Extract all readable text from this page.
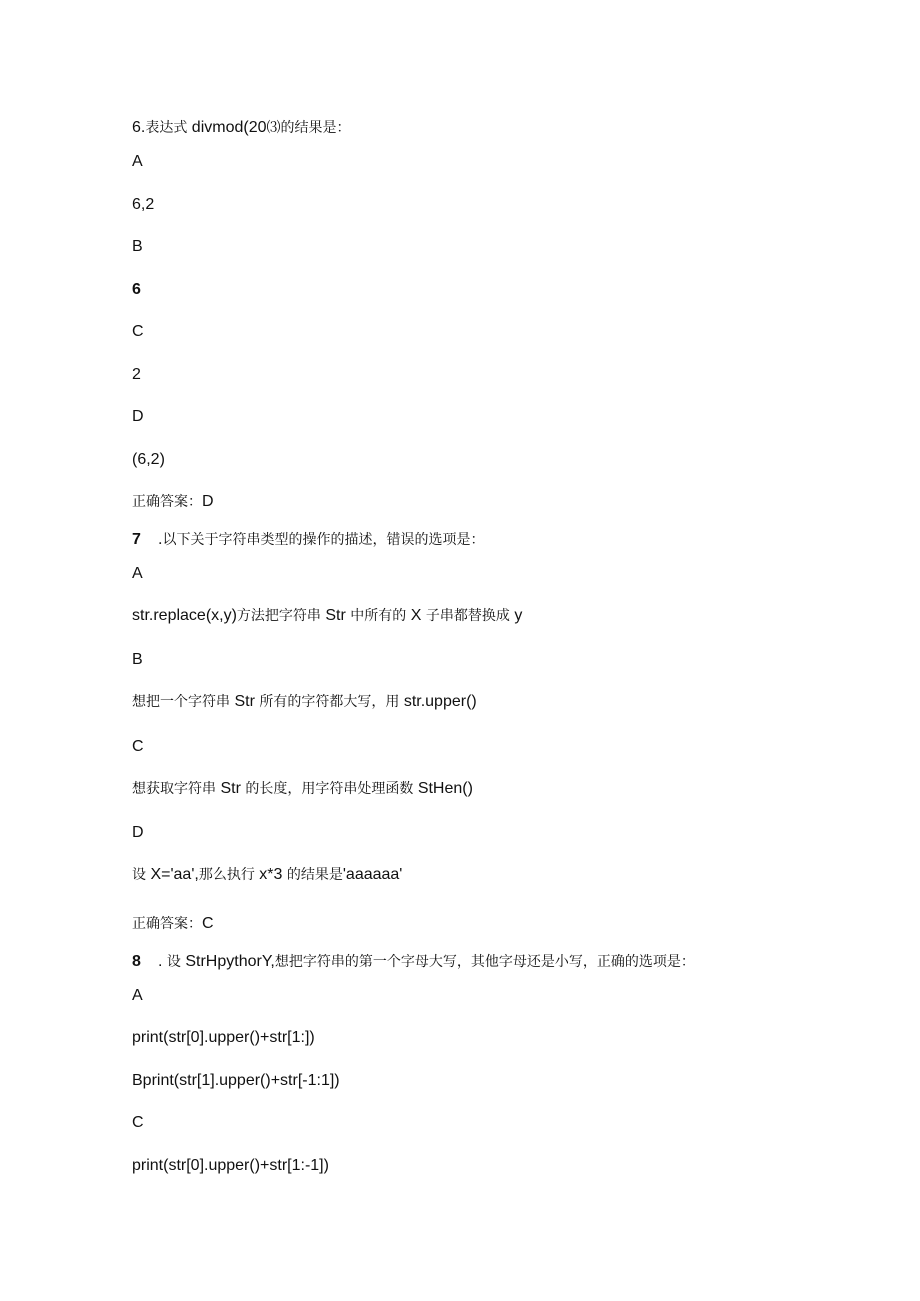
6.表达式 divmod(20⑶的结果是：
A
6,2
B
6
C
2
D
(6,2)
正确答案：D
7 .以下关于字符串类型的操作的描述，错误的选项是：
A
str.replace(x,y)方法把字符串 Str 中所有的 X 子串都替换成 y
B
想把一个字符串 Str 所有的字符都大写，用 str.upper()
C
想获取字符串 Str 的长度，用字符串处理函数 StHen()
D
设 X='aa',那么执行 x*3 的结果是'aaaaaa'
正确答案：C
8 . 设 StrHpythorY,想把字符串的第一个字母大写，其他字母还是小写，正确的选项是：
A
print(str[0].upper()+str[1:])
Bprint(str[1].upper()+str[-1:1])
C
print(str[0].upper()+str[1:-1])
